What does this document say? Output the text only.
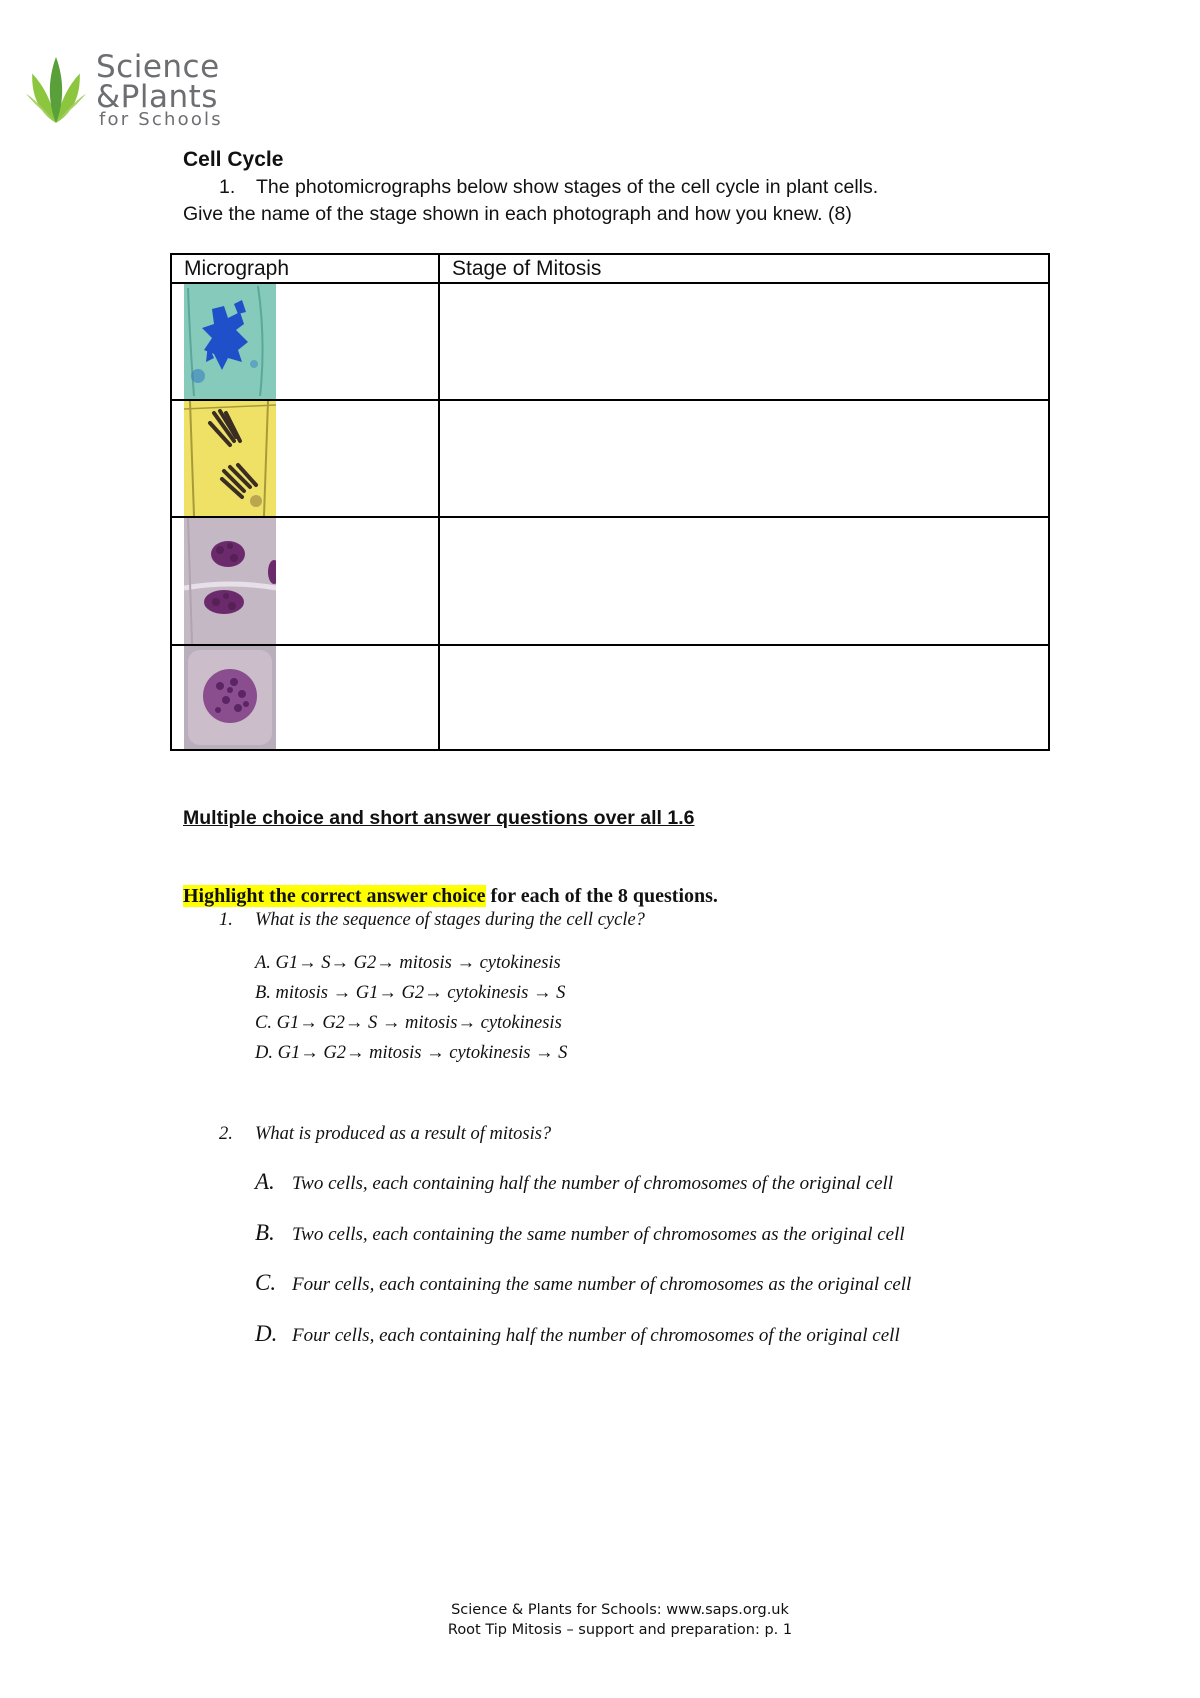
Science
&Plants
for Schools
Cell Cycle
1. The photomicrographs below show stages of the cell cycle in plant cells.
Give the name of the stage shown in each photograph and how you knew. (8)
Micrograph	Stage of Mitosis
Multiple choice and short answer questions over all 1.6
Highlight the correct answer choice for each of the 8 questions.
1. What is the sequence of stages during the cell cycle?
A. G1→ S→ G2→ mitosis → cytokinesis
B. mitosis → G1→ G2→ cytokinesis → S
C. G1→ G2→ S → mitosis→ cytokinesis
D. G1→ G2→ mitosis → cytokinesis → S
2. What is produced as a result of mitosis?
A. Two cells, each containing half the number of chromosomes of the original cell
B. Two cells, each containing the same number of chromosomes as the original cell
C. Four cells, each containing the same number of chromosomes as the original cell
D. Four cells, each containing half the number of chromosomes of the original cell
Science & Plants for Schools: www.saps.org.uk
Root Tip Mitosis – support and preparation: p. 1
